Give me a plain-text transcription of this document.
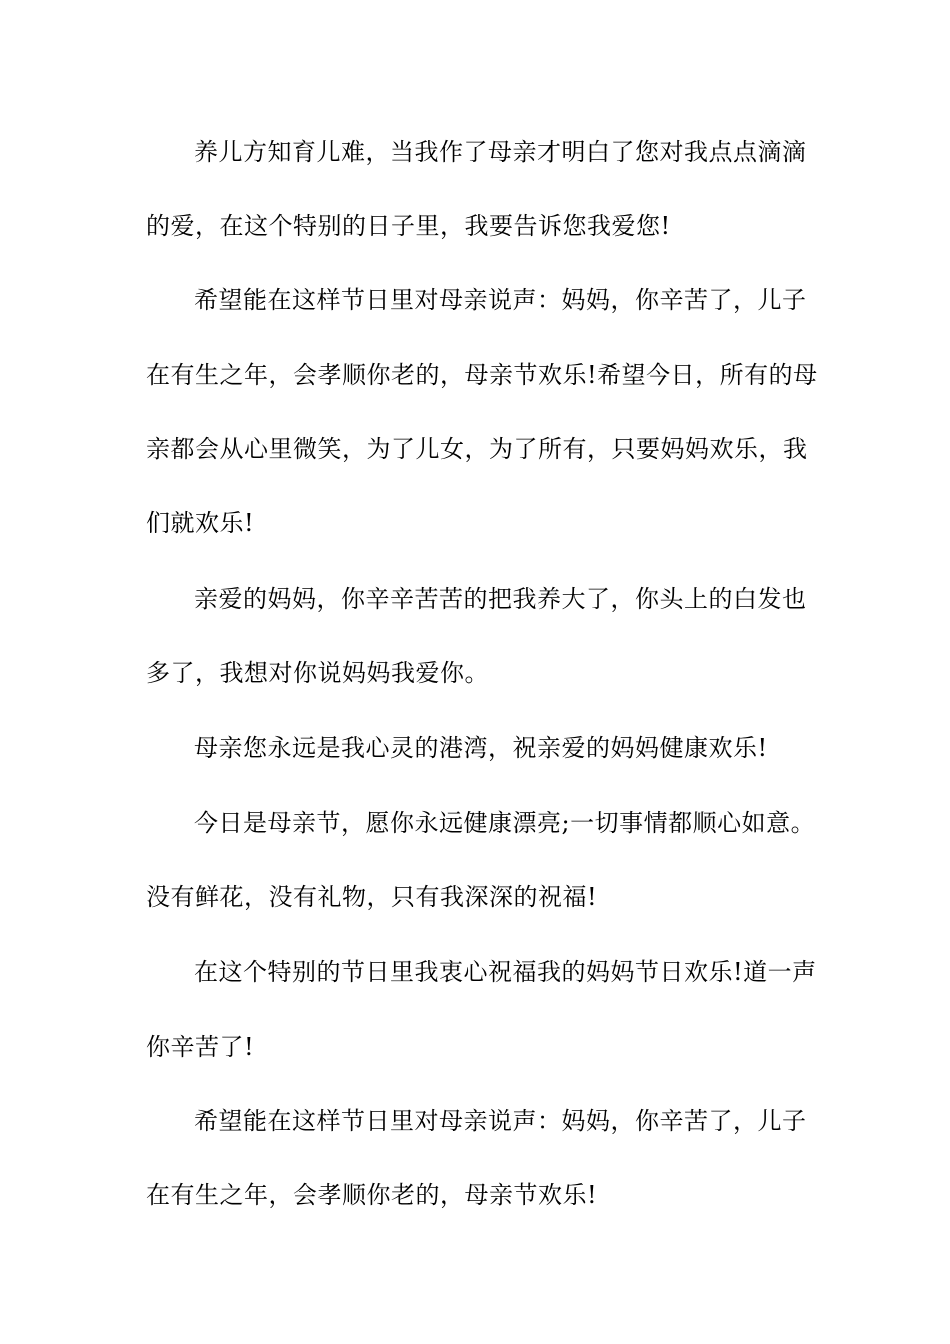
养儿方知育儿难，当我作了母亲才明白了您对我点点滴滴
的爱，在这个特别的日子里，我要告诉您我爱您!
希望能在这样节日里对母亲说声：妈妈，你辛苦了，儿子
在有生之年，会孝顺你老的，母亲节欢乐!希望今日，所有的母
亲都会从心里微笑，为了儿女，为了所有，只要妈妈欢乐，我
们就欢乐!
亲爱的妈妈，你辛辛苦苦的把我养大了，你头上的白发也
多了，我想对你说妈妈我爱你。
母亲您永远是我心灵的港湾，祝亲爱的妈妈健康欢乐!
今日是母亲节，愿你永远健康漂亮;一切事情都顺心如意。
没有鲜花，没有礼物，只有我深深的祝福!
在这个特别的节日里我衷心祝福我的妈妈节日欢乐!道一声
你辛苦了!
希望能在这样节日里对母亲说声：妈妈，你辛苦了，儿子
在有生之年，会孝顺你老的，母亲节欢乐!
